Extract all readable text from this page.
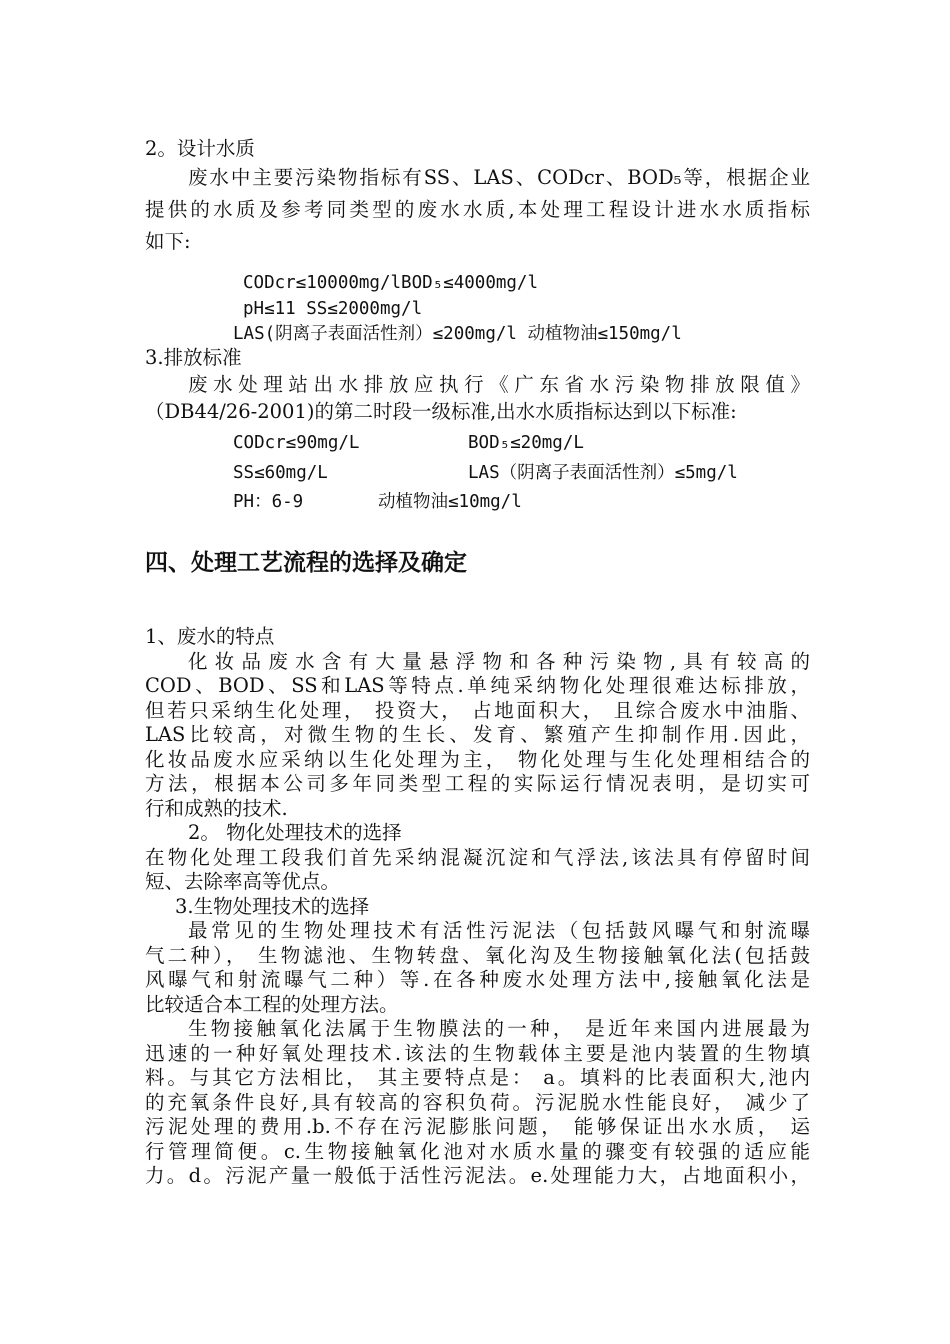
2。设计水质
废水中主要污染物指标有SS、LAS、CODcr、BOD₅等，根据企业
提供的水质及参考同类型的废水水质,本处理工程设计进水水质指标
如下:
CODcr≤10000mg/lBOD₅≤4000mg/l
pH≤11 SS≤2000mg/l
LAS(阴离子表面活性剂）≤200mg/l 动植物油≤150mg/l
3.排放标准
废水处理站出水排放应执行《广东省水污染物排放限值》
（DB44/26-2001)的第二时段一级标准,出水水质指标达到以下标准:
CODcr≤90mg/L	BOD₅≤20mg/L
SS≤60mg/L	LAS（阴离子表面活性剂）≤5mg/l
PH：6-9	动植物油≤10mg/l
四、处理工艺流程的选择及确定
1、废水的特点
化妆品废水含有大量悬浮物和各种污染物,具有较高的
COD、BOD、SS和LAS等特点.单纯采纳物化处理很难达标排放，
但若只采纳生化处理， 投资大， 占地面积大， 且综合废水中油脂、
LAS比较高，对微生物的生长、发育、繁殖产生抑制作用.因此，
化妆品废水应采纳以生化处理为主， 物化处理与生化处理相结合的
方法，根据本公司多年同类型工程的实际运行情况表明，是切实可
行和成熟的技术.
2。 物化处理技术的选择
在物化处理工段我们首先采纳混凝沉淀和气浮法,该法具有停留时间
短、去除率高等优点。
3.生物处理技术的选择
最常见的生物处理技术有活性污泥法（包括鼓风曝气和射流曝
气二种）， 生物滤池、生物转盘、氧化沟及生物接触氧化法(包括鼓
风曝气和射流曝气二种）等.在各种废水处理方法中,接触氧化法是
比较适合本工程的处理方法。
生物接触氧化法属于生物膜法的一种， 是近年来国内进展最为
迅速的一种好氧处理技术.该法的生物载体主要是池内装置的生物填
料。与其它方法相比， 其主要特点是： a。填料的比表面积大,池内
的充氧条件良好,具有较高的容积负荷。污泥脱水性能良好， 减少了
污泥处理的费用.b.不存在污泥膨胀问题， 能够保证出水水质， 运
行管理简便。c.生物接触氧化池对水质水量的骤变有较强的适应能
力。d。污泥产量一般低于活性污泥法。e.处理能力大，占地面积小，
